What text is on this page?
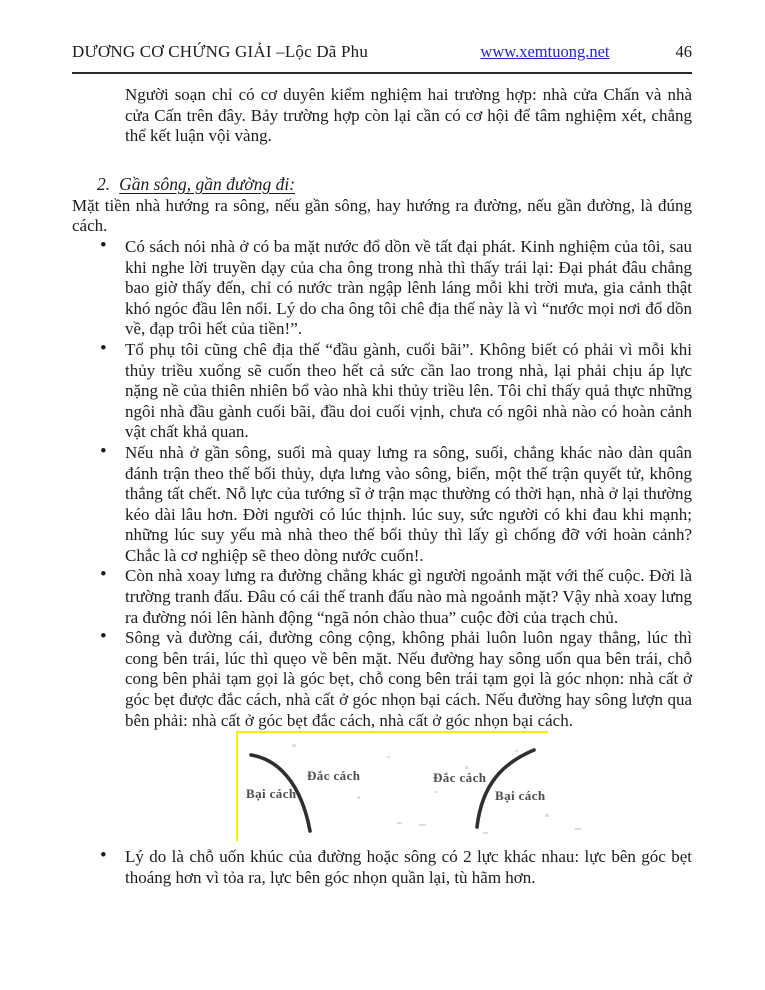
DƯƠNG CƠ CHỨNG GIẢI –Lộc Dã Phu	www.xemtuong.net	46

Người soạn chỉ có cơ duyên kiểm nghiệm hai trường hợp: nhà cửa Chấn và nhà cửa Cấn trên đây. Bảy trường hợp còn lại cần có cơ hội để tâm nghiệm xét, chẳng thể kết luận vội vàng.

2. Gần sông, gần đường đi:

Mặt tiền nhà hướng ra sông, nếu gần sông, hay hướng ra đường, nếu gần đường, là đúng cách.

• Có sách nói nhà ở có ba mặt nước đổ dồn về tất đại phát. Kinh nghiệm của tôi, sau khi nghe lời truyền dạy của cha ông trong nhà thì thấy trái lại: Đại phát đâu chẳng bao giờ thấy đến, chỉ có nước tràn ngập lênh láng mỗi khi trời mưa, gia cảnh thật khó ngóc đầu lên nổi. Lý do cha ông tôi chê địa thế này là vì “nước mọi nơi đổ dồn về, đạp trôi hết của tiền!”.
• Tổ phụ tôi cũng chê địa thế “đầu gành, cuối bãi”. Không biết có phải vì mỗi khi thủy triều xuống sẽ cuốn theo hết cả sức cần lao trong nhà, lại phải chịu áp lực nặng nề của thiên nhiên bổ vào nhà khi thủy triều lên. Tôi chỉ thấy quả thực những ngôi nhà đầu gành cuối bãi, đầu doi cuối vịnh, chưa có ngôi nhà nào có hoàn cảnh vật chất khả quan.
• Nếu nhà ở gần sông, suối mà quay lưng ra sông, suối, chẳng khác nào dàn quân đánh trận theo thế bối thủy, dựa lưng vào sông, biển, một thế trận quyết tử, không thắng tất chết. Nỗ lực của tướng sĩ ở trận mạc thường có thời hạn, nhà ở lại thường kéo dài lâu hơn. Đời người có lúc thịnh. lúc suy, sức người có khi đau khi mạnh; những lúc suy yếu mà nhà theo thế bối thủy thì lấy gì chống đỡ với hoàn cảnh? Chắc là cơ nghiệp sẽ theo dòng nước cuốn!.
• Còn nhà xoay lưng ra đường chẳng khác gì người ngoảnh mặt với thế cuộc. Đời là trường tranh đấu. Đâu có cái thế tranh đấu nào mà ngoảnh mặt? Vậy nhà xoay lưng ra đường nói lên hành động “ngã nón chào thua” cuộc đời của trạch chủ.
• Sông và đường cái, đường công cộng, không phải luôn luôn ngay thẳng, lúc thì cong bên trái, lúc thì quẹo về bên mặt. Nếu đường hay sông uốn qua bên trái, chỗ cong bên phải tạm gọi là góc bẹt, chỗ cong bên trái tạm gọi là góc nhọn: nhà cất ở góc bẹt được đắc cách, nhà cất ở góc nhọn bại cách. Nếu đường hay sông lượn qua bên phải: nhà cất ở góc bẹt đắc cách, nhà cất ở góc nhọn bại cách.
Đắc cách
Bại cách
Đắc cách
Bại cách
• Lý do là chỗ uốn khúc của đường hoặc sông có 2 lực khác nhau: lực bên góc bẹt thoáng hơn vì tỏa ra, lực bên góc nhọn quần lại, tù hãm hơn.
